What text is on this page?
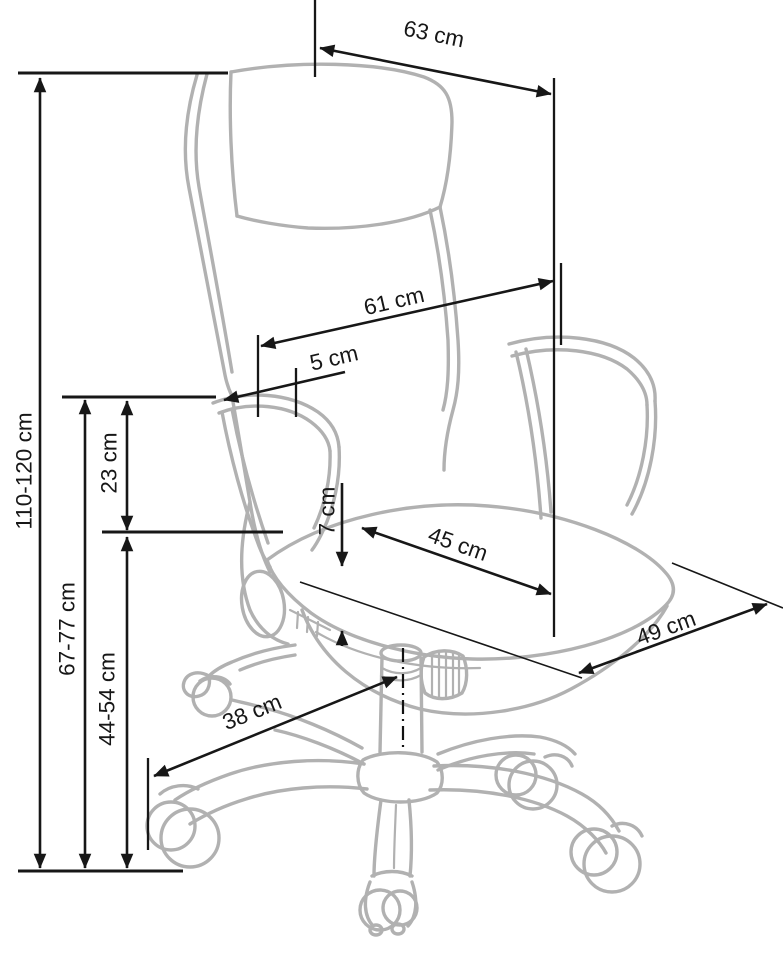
110-120 cm
67-77 cm
23 cm
44-54 cm
63 cm
61 cm
5 cm
7 cm
45 cm
49 cm
38 cm
